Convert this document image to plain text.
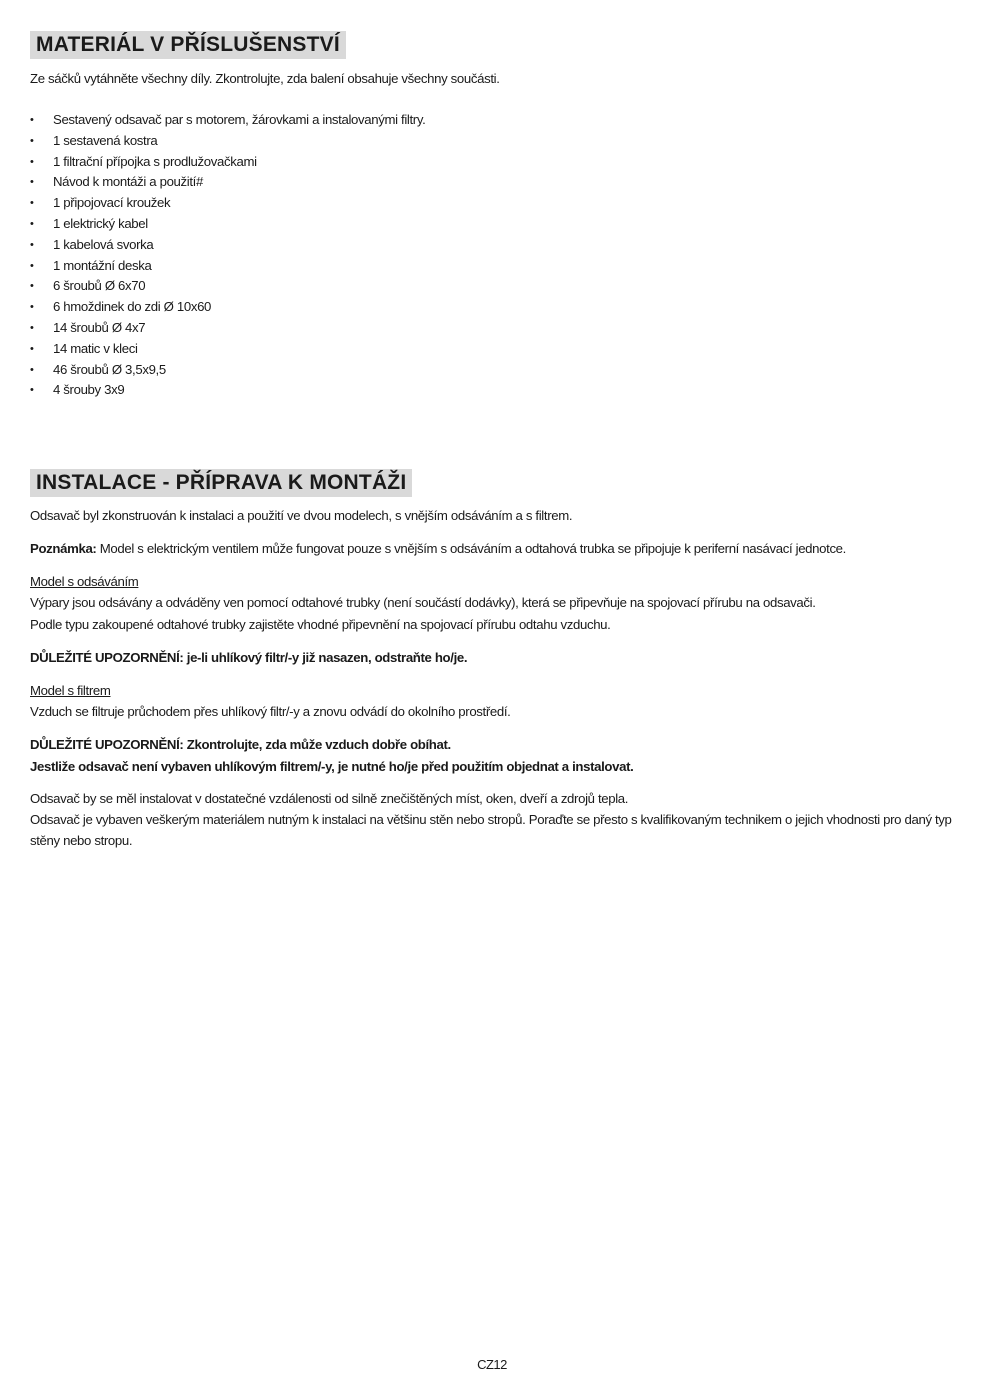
MATERIÁL V PŘÍSLUŠENSTVÍ
Ze sáčků vytáhněte všechny díly. Zkontrolujte, zda balení obsahuje všechny součásti.
• Sestavený odsavač par s motorem, žárovkami a instalovanými filtry.
• 1 sestavená kostra
• 1 filtrační přípojka s prodlužovačkami
• Návod k montáži a použití#
• 1 připojovací kroužek
• 1 elektrický kabel
• 1 kabelová svorka
• 1 montážní deska
• 6 šroubů Ø 6x70
• 6 hmoždinek do zdi Ø 10x60
• 14 šroubů Ø 4x7
• 14 matic v kleci
• 46 šroubů Ø 3,5x9,5
• 4 šrouby 3x9
INSTALACE - PŘÍPRAVA K MONTÁŽI
Odsavač byl zkonstruován k instalaci a použití ve dvou modelech, s vnějším odsáváním a s filtrem.
Poznámka: Model s elektrickým ventilem může fungovat pouze s vnějším s odsáváním a odtahová trubka se připojuje k periferní nasávací jednotce.
Model s odsáváním
Výpary jsou odsávány a odváděny ven pomocí odtahové trubky (není součástí dodávky), která se připevňuje na spojovací přírubu na odsavači.
Podle typu zakoupené odtahové trubky zajistěte vhodné připevnění na spojovací přírubu odtahu vzduchu.
DŮLEŽITÉ UPOZORNĚNÍ: je-li uhlíkový filtr/-y již nasazen, odstraňte ho/je.
Model s filtrem
Vzduch se filtruje průchodem přes uhlíkový filtr/-y a znovu odvádí do okolního prostředí.
DŮLEŽITÉ UPOZORNĚNÍ: Zkontrolujte, zda může vzduch dobře obíhat.
Jestliže odsavač není vybaven uhlíkovým filtrem/-y, je nutné ho/je před použitím objednat a instalovat.
Odsavač by se měl instalovat v dostatečné vzdálenosti od silně znečištěných míst, oken, dveří a zdrojů tepla.
Odsavač je vybaven veškerým materiálem nutným k instalaci na většinu stěn nebo stropů. Poraďte se přesto s kvalifikovaným technikem o jejich vhodnosti pro daný typ stěny nebo stropu.
CZ12
